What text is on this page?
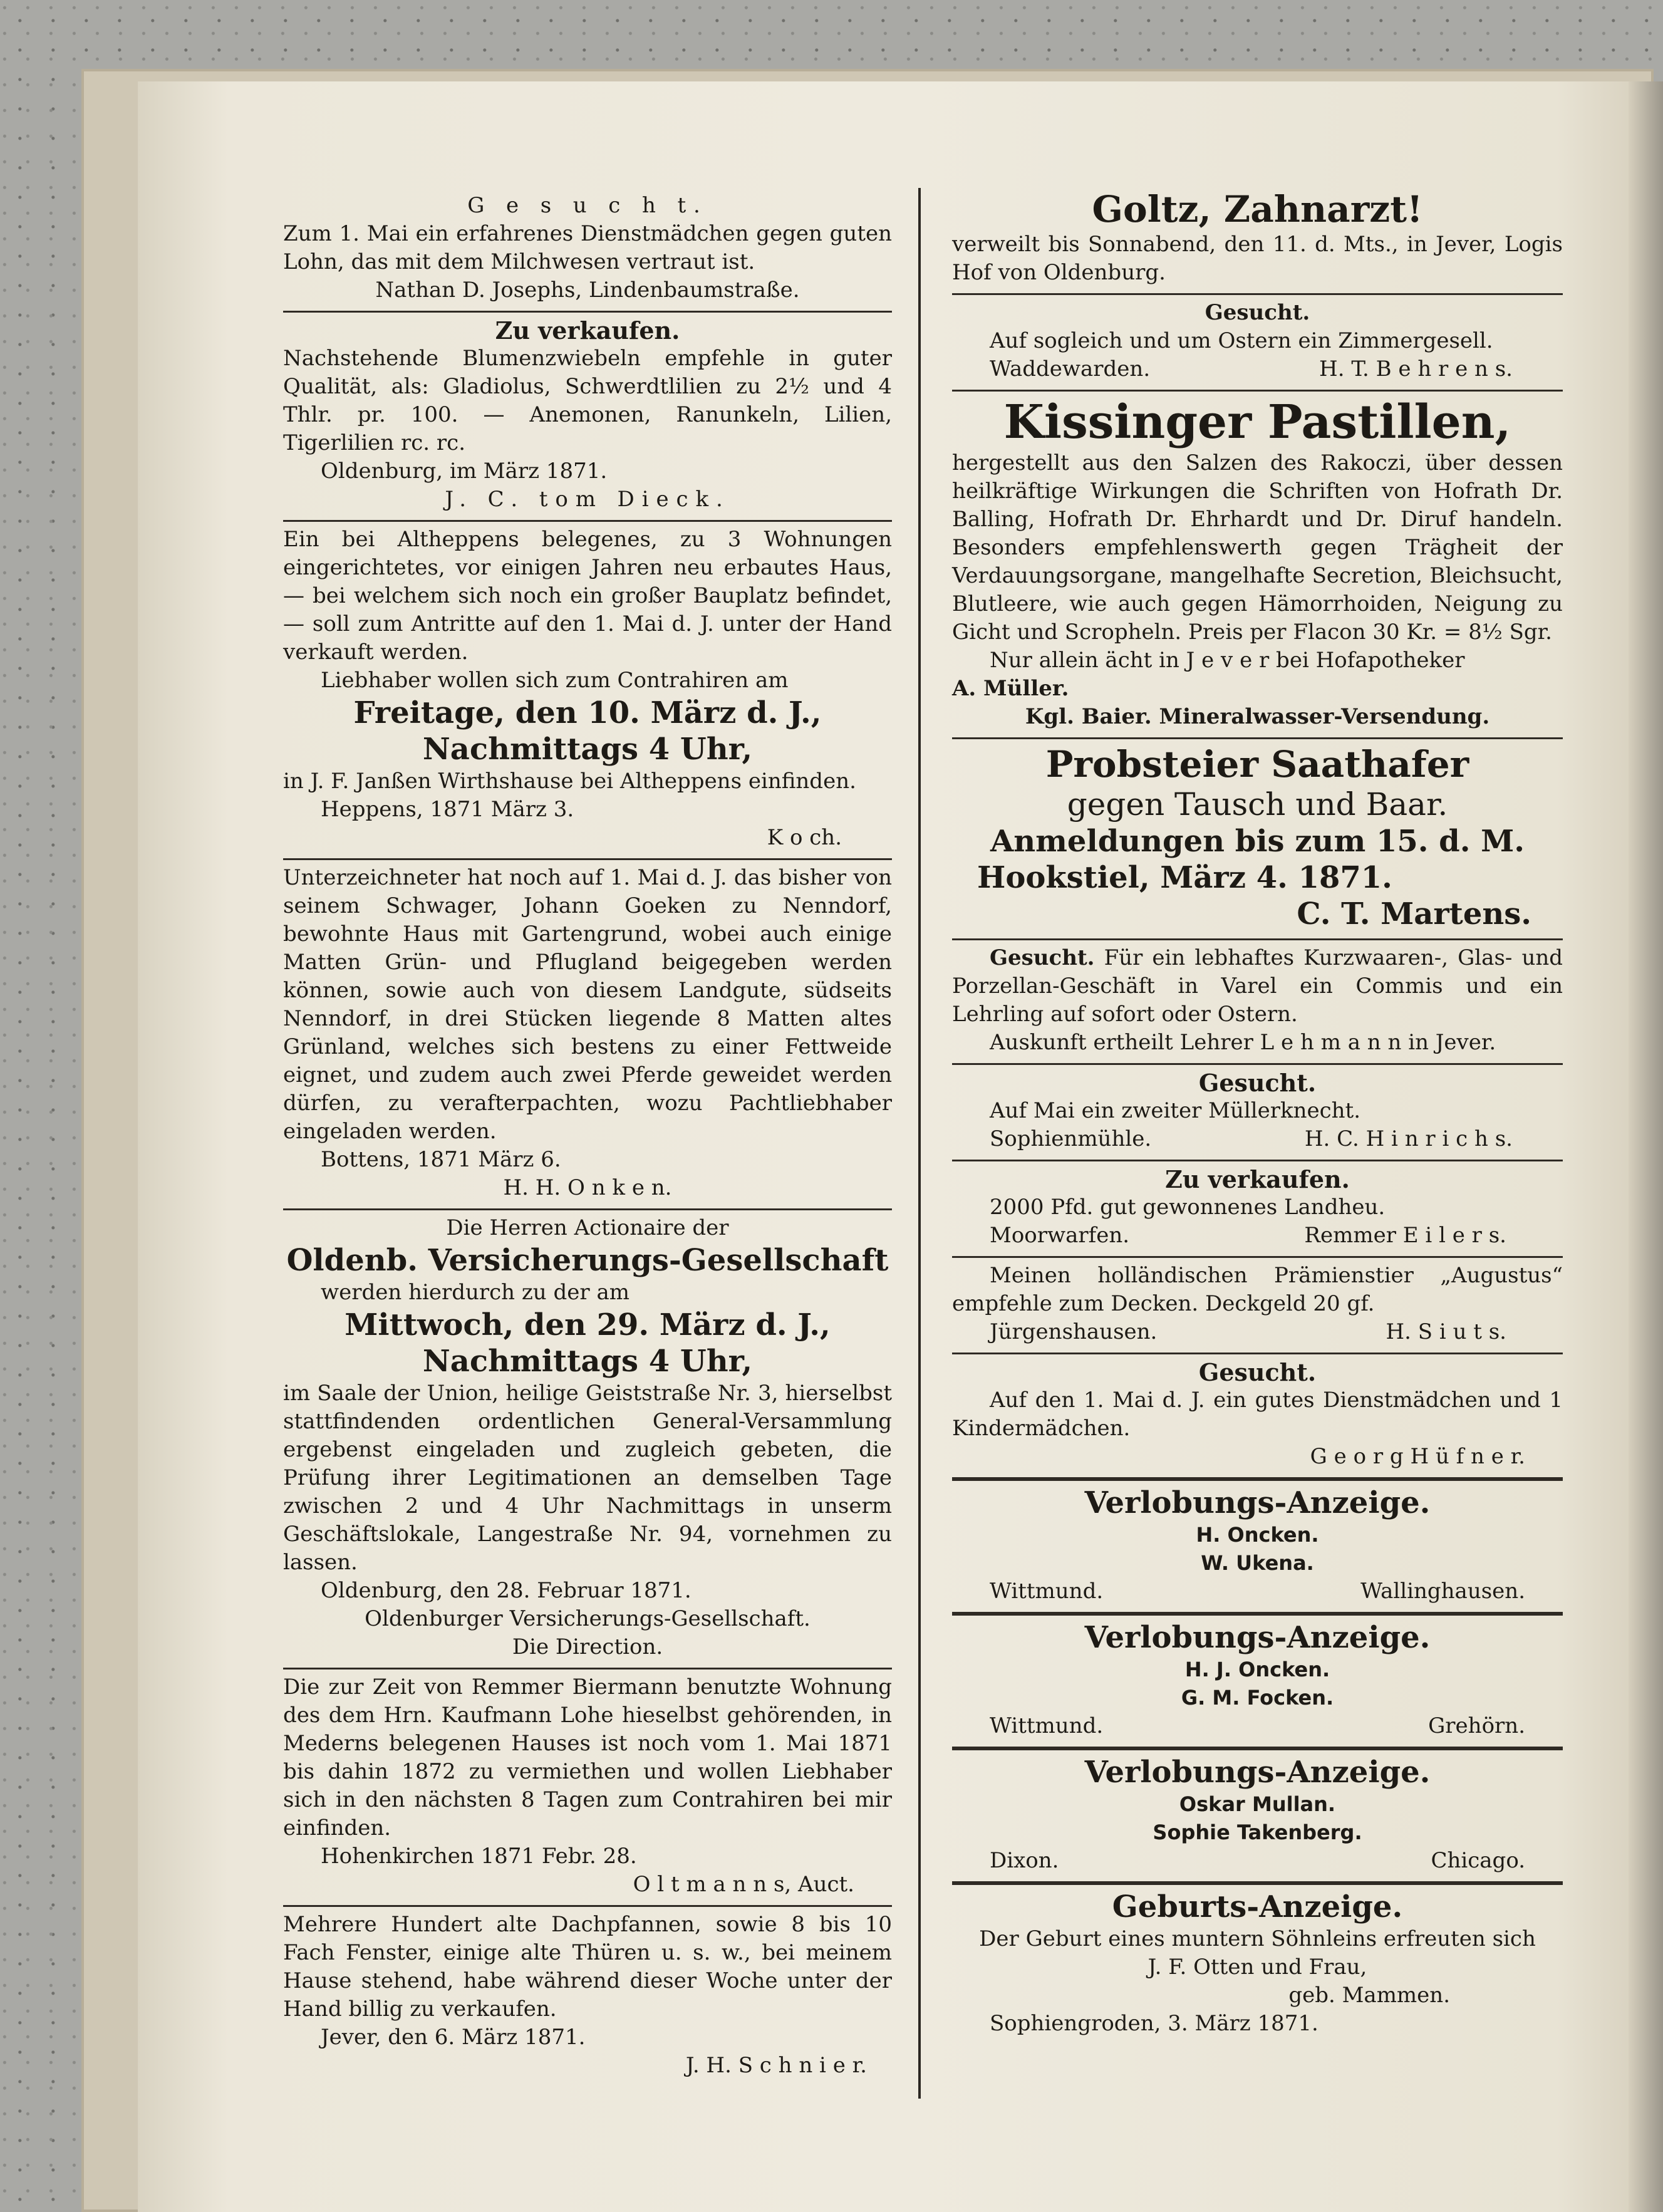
G e s u c h t.

Zum 1. Mai ein erfahrenes Dienstmädchen gegen guten Lohn, das mit dem Milchwesen vertraut ist.

Nathan D. Josephs, Lindenbaumstraße.

Zu verkaufen.

Nachstehende Blumenzwiebeln empfehle in guter Qualität, als: Gladiolus, Schwerdtlilien zu 2½ und 4 Thlr. pr. 100. — Anemonen, Ranunkeln, Lilien, Tigerlilien rc. rc.

Oldenburg, im März 1871.

J. C. tom Dieck.

Ein bei Altheppens belegenes, zu 3 Wohnungen eingerichtetes, vor einigen Jahren neu erbautes Haus, — bei welchem sich noch ein großer Bauplatz befindet, — soll zum Antritte auf den 1. Mai d. J. unter der Hand verkauft werden.

Liebhaber wollen sich zum Contrahiren am

Freitage, den 10. März d. J.,

Nachmittags 4 Uhr,

in J. F. Janßen Wirthshause bei Altheppens einfinden.

Heppens, 1871 März 3.

K o ch.

Unterzeichneter hat noch auf 1. Mai d. J. das bisher von seinem Schwager, Johann Goeken zu Nenndorf, bewohnte Haus mit Gartengrund, wobei auch einige Matten Grün- und Pflugland beigegeben werden können, sowie auch von diesem Landgute, südseits Nenndorf, in drei Stücken liegende 8 Matten altes Grünland, welches sich bestens zu einer Fettweide eignet, und zudem auch zwei Pferde geweidet werden dürfen, zu verafterpachten, wozu Pachtliebhaber eingeladen werden.

Bottens, 1871 März 6.

H. H. O n k e n.

Die Herren Actionaire der

Oldenb. Versicherungs-Gesellschaft

werden hierdurch zu der am

Mittwoch, den 29. März d. J.,

Nachmittags 4 Uhr,

im Saale der Union, heilige Geiststraße Nr. 3, hierselbst stattfindenden ordentlichen General-Versammlung ergebenst eingeladen und zugleich gebeten, die Prüfung ihrer Legitimationen an demselben Tage zwischen 2 und 4 Uhr Nachmittags in unserm Geschäftslokale, Langestraße Nr. 94, vornehmen zu lassen.

Oldenburg, den 28. Februar 1871.

Oldenburger Versicherungs-Gesellschaft.

Die Direction.

Die zur Zeit von Remmer Biermann benutzte Wohnung des dem Hrn. Kaufmann Lohe hieselbst gehörenden, in Mederns belegenen Hauses ist noch vom 1. Mai 1871 bis dahin 1872 zu vermiethen und wollen Liebhaber sich in den nächsten 8 Tagen zum Contrahiren bei mir einfinden.

Hohenkirchen 1871 Febr. 28.

O l t m a n n s, Auct.

Mehrere Hundert alte Dachpfannen, sowie 8 bis 10 Fach Fenster, einige alte Thüren u. s. w., bei meinem Hause stehend, habe während dieser Woche unter der Hand billig zu verkaufen.

Jever, den 6. März 1871.

J. H. S c h n i e r.

Goltz, Zahnarzt!

verweilt bis Sonnabend, den 11. d. Mts., in Jever, Logis Hof von Oldenburg.

Gesucht.

Auf sogleich und um Ostern ein Zimmergesell.

Waddewarden.	H. T. B e h r e n s.

Kissinger Pastillen,

hergestellt aus den Salzen des Rakoczi, über dessen heilkräftige Wirkungen die Schriften von Hofrath Dr. Balling, Hofrath Dr. Ehrhardt und Dr. Diruf handeln. Besonders empfehlenswerth gegen Trägheit der Verdauungsorgane, mangelhafte Secretion, Bleichsucht, Blutleere, wie auch gegen Hämorrhoiden, Neigung zu Gicht und Scropheln. Preis per Flacon 30 Kr. = 8½ Sgr.

Nur allein ächt in J e v e r bei Hofapotheker

A. Müller.

Kgl. Baier. Mineralwasser-Versendung.

Probsteier Saathafer

gegen Tausch und Baar.

Anmeldungen bis zum 15. d. M.

Hookstiel, März 4. 1871.

C. T. Martens.

Gesucht. Für ein lebhaftes Kurzwaaren-, Glas- und Porzellan-Geschäft in Varel ein Commis und ein Lehrling auf sofort oder Ostern.

Auskunft ertheilt Lehrer L e h m a n n in Jever.

Gesucht.

Auf Mai ein zweiter Müllerknecht.

Sophienmühle.	H. C. H i n r i c h s.

Zu verkaufen.

2000 Pfd. gut gewonnenes Landheu.

Moorwarfen.	Remmer E i l e r s.

Meinen holländischen Prämienstier „Augustus“ empfehle zum Decken. Deckgeld 20 gf.

Jürgenshausen.	H. S i u t s.

Gesucht.

Auf den 1. Mai d. J. ein gutes Dienstmädchen und 1 Kindermädchen.

G e o r g H ü f n e r.

Verlobungs-Anzeige.

H. Oncken.

W. Ukena.

Wittmund.	Wallinghausen.

Verlobungs-Anzeige.

H. J. Oncken.

G. M. Focken.

Wittmund.	Grehörn.

Verlobungs-Anzeige.

Oskar Mullan.

Sophie Takenberg.

Dixon.	Chicago.

Geburts-Anzeige.

Der Geburt eines muntern Söhnleins erfreuten sich

J. F. Otten und Frau,

geb. Mammen.

Sophiengroden, 3. März 1871.
